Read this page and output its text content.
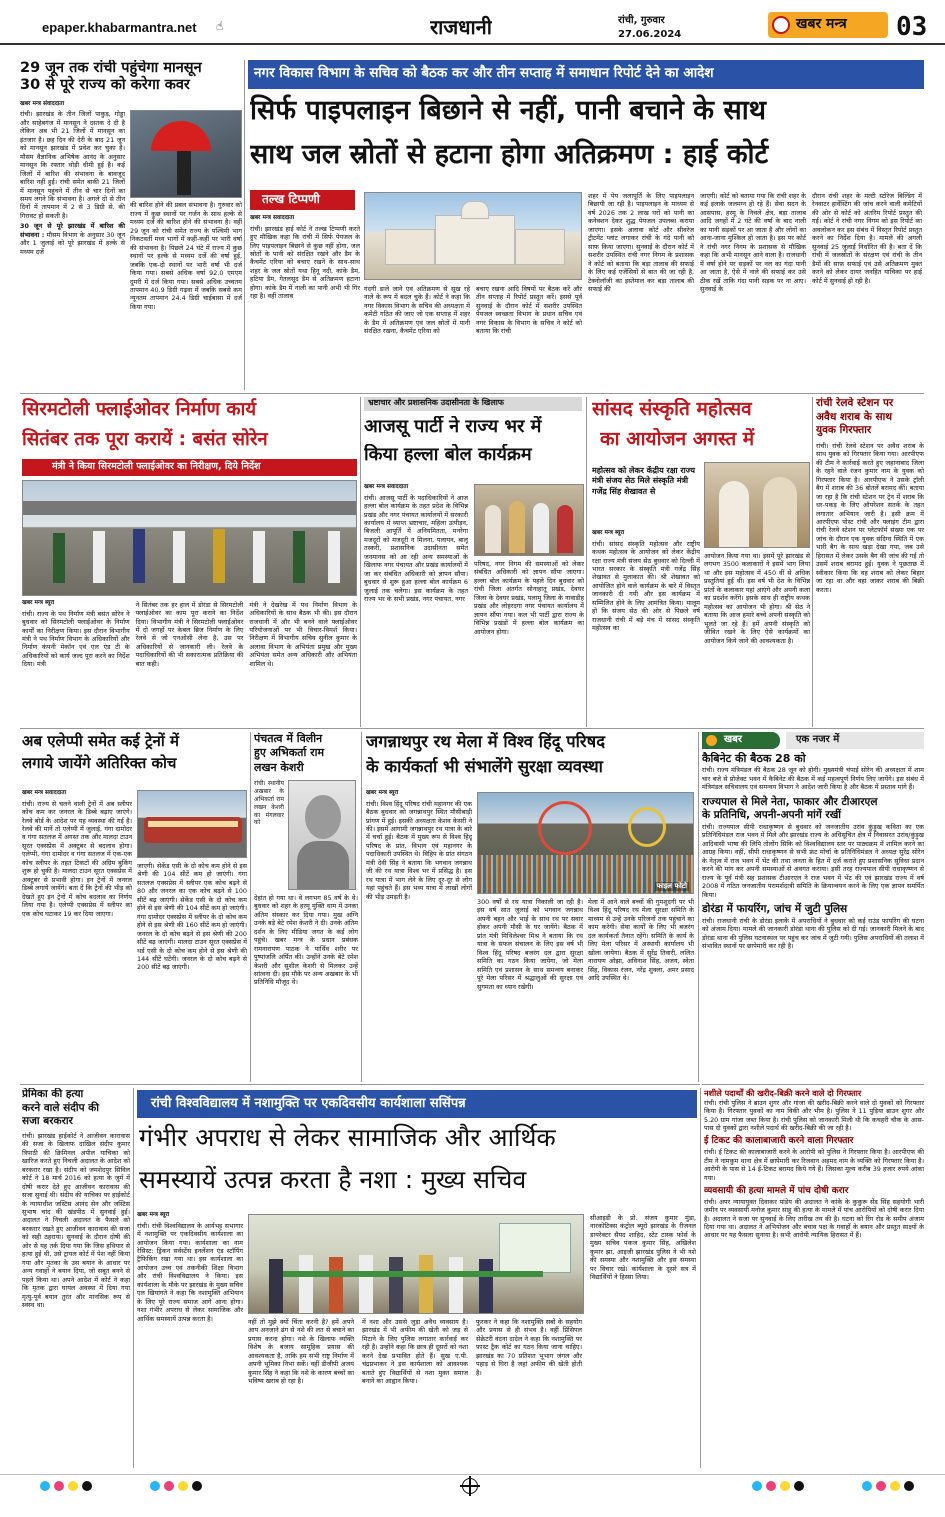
epaper.khabarmantra.net ☝	राजधानी	रांची, गुरुवार
27.06.2024
खबर मन्त्र 03
29 जून तक रांची पहुंचेगा मानसून
30 से पूरे राज्य को करेगा कवर
खबर मन्त्र संवाददाता
रांची। झारखंड के तीन जिलों पाकुड़, गोड्डा और साहेबगंज में मानसून ने दस्तक दे दी है लेकिन अब भी 21 जिलों में मानसून का इंतजार है। छह दिन की देरी के बाद 21 जून को मानसून झारखंड में प्रवेश कर चुका है। मौसम वैज्ञानिक अभिषेक आनंद के अनुसार मानसून कि रफ्तार थोड़ी धीमी हुई है। कई जिलों में बारिश की संभावना के बावजूद बारिश नहीं हुई। रांची समेत बाकी 21 जिलों में मानसून पहुंचने में तीन से चार दिनों का समय लगने कि संभावना है। अगले दो से तीन दिनों में तापमान में 2 से 3 डिग्री से. की गिरावट हो सकती है।
30 जून से पूरे झारखंड में बारिश की संभावना : मौसम विभाग के अनुसार 30 जून और 1 जुलाई को पूरे झारखंड में हल्के से मध्यम दर्जे
की बारिश होने की प्रबल संभावना है। गुरुवार को राज्य में कुछ स्थानों पर गर्जन के साथ हल्के से मध्यम दर्जे की बारिश होने की संभावना है। वहीं 29 जून को रांची समेत राज्य के पश्चिमी भाग निकटवर्ती मध्य भागों में कहीं-कहीं पर भारी वर्षा की संभावना है। पिछले 24 घंटे में राज्य में कुछ स्थानों पर हल्के से मध्यम दर्जे की वर्षा हुई, जबकि एक-दो स्थानों पर भारी वर्षा भी दर्ज किया गया। सबसे अधिक वर्षा 92.0 एमएम दुमरी में दर्ज किया गया। सबसे अधिक उच्चतम तापमान 40.9 डिग्री गढ़वा में जबकि सबसे कम न्यूनतम तापमान 24.4 डिग्री चाईबासा में दर्ज किया गया।
नगर विकास विभाग के सचिव को बैठक कर और तीन सप्ताह में समाधान रिपोर्ट देने का आदेश
सिर्फ पाइपलाइन बिछाने से नहीं, पानी बचाने के साथ
साथ जल स्रोतों से हटाना होगा अतिक्रमण : हाई कोर्ट
तल्ख टिप्पणी
खबर मन्त्र संवाददाता
रांची। झारखंड हाई कोर्ट ने तल्ख टिप्पणी करते हुए मौखिक कहा कि रांची में सिर्फ पेयजल के लिए पाइपलाइन बिछाने से कुछ नहीं होगा, जल स्रोतों के पानी को संरक्षित रखने और डैम के कैचमेंट एरिया को बचाए रखने के साथ-साथ शहर के जल स्रोतों यथा हिनू नदी, कांके डैम, हटिया डैम, गेतलसूद डैम से अतिक्रमण हटाना होगा। कांके डैम में नाली का पानी अभी भी गिर रहा है। वहीं तालाब
गंदगी डाले जाने एवं अतिक्रमण से सूख रहे नाले के रूप में बदल चुके हैं। कोर्ट ने कहा कि नगर विकास विभाग के सचिव की अध्यक्षता में कमेटी गठित की जाए जो एक सप्ताह में शहर के डैम में अतिक्रमण एवं जल स्रोतों में पानी संरक्षित रखना, कैचमेंट एरिया को
बचाए रखना आदि विषयों पर बैठक करें और तीन सप्ताह में रिपोर्ट प्रस्तुत करें। इससे पूर्व सुनवाई के दौरान कोर्ट में सशरीर उपस्थित पेयजल स्वच्छता विभाग के प्रधान सचिव एवं नगर विकास के विभाग के सचिव ने कोर्ट को बताया कि रांची
शहर में पेय जलापूर्ति के लिए पाइपलाइन बिछायी जा रही है। पाइपलाइन के माध्यम से वर्ष 2026 तक 2 लाख घरों को पानी का कनेक्शन देकर शुद्ध पेयजल उपलब्ध कराया जाएगा। इसके अलावा कोर्ट और सीवरेज ट्रीटमेंट प्लांट लगाकर रांची के गंदे पानी को साफ किया जाएगा। सुनवाई के दौरान कोर्ट में सशरीर उपस्थित रांची नगर निगम के प्रशासक ने कोर्ट को बताया कि बड़ा तालाब की सफाई के लिए कई एजेंसियों से बात की जा रही है, टेक्नोलॉजी का इस्तेमाल कर बड़ा तालाब की सफाई की
जाएगी। कोर्ट को बताया गया कि रांची शहर के कई इलाके जलमग्न हो रहे हैं। सेवा सदन के आसपास, हरमू के निचले क्षेत्र, बड़ा तालाब आदि जगहों में 2 घंटे की वर्षा के बाद नाली का पानी सड़कों पर आ जाता है और लोगों का आना-जाना मुश्किल हो जाता है। इस पर कोर्ट ने रांची नगर निगम के प्रशासक से मौखिक कहा कि अभी मानसून आने वाला है। राजधानी में वर्षा होने पर सड़कों पर नल का गंदा पानी आ जाता है, ऐसे में नाले की सफाई कर उसे ठीक रखें ताकि गंदा पानी सड़क पर ना आए। सुनवाई के
दौरान रांची शहर के मल्टी स्टोरेज बिल्डिंग में रेनवाटर हार्वेस्टिंग की जांच करने वाली कमेटियों की ओर से कोर्ट को अंतरिम रिपोर्ट प्रस्तुत की गई। कोर्ट ने रांची नगर निगम को इस रिपोर्ट का अवलोकन कर इस संबंध में विस्तृत रिपोर्ट प्रस्तुत करने का निर्देश दिया है। मामले की अगली सुनवाई 25 जुलाई निर्धारित की है। बता दें कि रांची में जलस्रोतों के संरक्षण एवं रांची के तीन डैमों की साफ़ सफाई एवं उसे अतिक्रमण मुक्त करने को लेकर दायर जनहित याचिका पर हाई कोर्ट में सुनवाई हो रही है।
सिरमटोली फ्लाईओवर निर्माण कार्य
सितंबर तक पूरा करायें : बसंत सोरेन
मंत्री ने किया सिरमटोली फ्लाईओवर का निरीक्षण, दिये निर्देश
खबर मन्त्र ब्यूरो
रांची। राज्य के पथ निर्माण मंत्री बसंत सोरेन ने बुधवार को सिरमटोली फ्लाईओवर के निर्माण कार्यों का निरीक्षण किया। इस दौरान विभागीय मंत्री ने पथ निर्माण विभाग के अधिकारियों और निर्माण कंपनी मेकॉन एवं एल एंड टी के अधिकारियों को कार्य जल्द पूरा करने का निर्देश दिया। मंत्री
ने सितंबर तक हर हाल में डोरंडा से सिरमटोली फ्लाईओवर का काम पूरा कराने का निर्देश दिया। विभागीय मंत्री ने सिरमटोली फ्लाईओवर में दो जगहों पर केबल ब्रिज निर्माण के लिए रेलवे से जो एनओसी लेना है, उस पर अधिकारियों से जानकारी ली। रेलवे के पदाधिकारियों की भी सकारात्मक प्रतिक्रिया की बात कही।
मंत्री ने देखरेख में पथ निर्माण विभाग के अधिकारियों के साथ बैठक भी की। इस दौरान राजधानी में और भी बनने वाले फ्लाईओवर परियोजनाओं पर भी विचार-विमर्श किया। निरीक्षण में विभागीय सचिव सुनील कुमार के अलावा विभाग के अभियंता प्रमुख और मुख्य अभियंता समेत अन्य अधिकारी और अभियंता शामिल थे।
भ्रष्टाचार और प्रशासनिक उदासीनता के खिलाफ
आजसू पार्टी ने राज्य भर में
किया हल्ला बोल कार्यक्रम
खबर मन्त्र संवाददाता
रांची। आजसू पार्टी के पदाधिकारियों ने आज हल्ला बोल कार्यक्रम के तहत प्रदेश के विभिन्न प्रखंड और नगर पंचायत कार्यालयों में सरकारी कार्यालय में व्याप्त भ्रष्टाचार, महिला उत्पीड़न, बिजली आपूर्ति में अनियमितता, मनरेगा मजदूरों को मजदूरी न मिलना, पलायन, बालू तस्करी, प्रशासनिक उदासीनता समेत जनमानस को आ रही अन्य समस्याओं के खिलाफ नगर पंचायत और प्रखंड कार्यालयों में जा कर संबंधित अधिकारी को ज्ञापन सौंपा। बुधवार से शुरू हुआ हल्ला बोल कार्यक्रम 6 जुलाई तक चलेगा। इस कार्यक्रम के तहत राज्य भर के सभी प्रखंड, नगर पंचायत, नगर
परिषद, नगर निगम की समस्याओं को लेकर संबंधित अधिकारी को ज्ञापन सौंपा जाएगा। हल्ला बोल कार्यक्रम के पहले दिन बुधवार को रांची जिला अंतर्गत सोनाहातू प्रखंड, देवघर जिला के देवघर प्रखंड, पलामू जिला के नावाडीह प्रखंड और लोहरदगा नगर पंचायत कार्यालय में ज्ञापन सौंपा गया। कल भी पार्टी द्वारा राज्य के विभिन्न प्रखंडों में हल्ला बोल कार्यक्रम का आयोजन होगा।
सांसद संस्कृति महोत्सव
का आयोजन अगस्त में
महोत्सव को लेकर केंद्रीय रक्षा राज्य मंत्री संजय सेठ मिले संस्कृति मंत्री गजेंद्र सिंह शेखावत से
खबर मन्त्र ब्यूरो
रांची। सांसद संस्कृति महोत्सव और राष्ट्रीय कथक महोत्सव के आयोजन को लेकर केंद्रीय रक्षा राज्य मंत्री संजय सेठ बुधवार को दिल्ली में भारत सरकार के संस्कृति मंत्री गजेंद्र सिंह शेखावत से मुलाकात की। श्री शेखावत को आयोजित होने वाले कार्यक्रम के बारे में विस्तृत जानकारी दी गयी और इस कार्यक्रम में सम्मिलित होने के लिए आमंत्रित किया। मालूम हो कि संजय सेठ की ओर से पिछले वर्ष राजधानी रांची में बड़े मंच में सांसद संस्कृति महोत्सव का
आयोजन किया गया था। इसमें पूरे झारखंड से लगभग 3500 कलाकारों ने इसमें भाग लिया था और इस महोत्सव में 450 वीं से अधिक प्रस्तुतियां हुई थी। इस वर्ष भी देश के विभिन्न प्रांतों के कलाकार यहां आएंगे और अपनी कला का प्रदर्शन करेंगे। इसके साथ ही राष्ट्रीय कथक महोत्सव का आयोजन भी होगा। श्री सेठ ने बताया कि आज हमारे बच्चे अपनी संस्कृति को भूलते जा रहे हैं। हमें अपनी संस्कृति को जीवित रखने के लिए ऐसे कार्यक्रमों का आयोजन किये जाने की आवश्यकता है।
रांची रेलवे स्टेशन पर
अवैध शराब के साथ
युवक गिरफ्तार
रांची। रांची रेलवे स्टेशन पर अवैध शराब के साथ युवक को गिरफ्तार किया गया। आरपीएफ की टीम ने कार्रवाई करते हुए जहानाबाद जिला के रहने वाले रंजन कुमार नाम के युवक को गिरफ्तार किया है। आरपीएफ ने उसके ट्रॉली बैग में शराब की 36 बोतलें बरामद कीं। बताया जा रहा है कि रांची स्टेशन पर ट्रेन में शराब कि धर-पकड़ के लिए ऑपरेशन सतर्क के तहत लगातार अभियान जारी है। इसी क्रम में आरपीएफ पोस्ट रांची और फ्लाइंग टीम द्वारा रांची रेलवे स्टेशन पर प्लेटफॉर्म संख्या एक पर जांच के दौरान एक युवक संदिग्ध स्थिति में एक भारी बैग के साथ खड़ा देखा गया, जब उसे हिरासत में लेकर उसके बैग की जांच की गई तो उसमें शराब बरामद हुई। युवक ने पूछताछ में स्वीकार किया कि वह शराब को लेकर बिहार जा रहा था और वहां जाकर शराब की बिक्री करता।
अब एलेप्पी समेत कई ट्रेनों में
लगाये जायेंगे अतिरिक्त कोच
खबर मन्त्र संवाददाता
रांची। राज्य से चलने वाली ट्रेनों में अब स्लीपर कोच कम कर जनरल के डिब्बे बढ़ाए जाएंगे। रेलवे बोर्ड के आदेश पर यह व्यवस्था की गई है। रेलवे की मानें तो एलेप्पी में जुलाई, गंगा दामोदर व गंगा सतलज में अगस्त तक और मालदा टाउन सूरत एक्सप्रेस में अक्टूबर से बदलाव होगा। एलेप्पी, गंगा दामोदर व गंगा सतलज में एक-एक कोच स्लीपर के तहत टिकटों की अग्रिम बुकिंग शुरू हो चुकी है। मालदा टाउन सूरत एक्सप्रेस में अक्टूबर से प्रभावी होगा। इन ट्रेनों में जनरल डिब्बे लगाये जायेंगे। बता दें कि ट्रेनों की भीड़ को देखते हुए इन ट्रेनों में कोच बदलाव का निर्णय लिया गया है। एलेप्पी एक्सप्रेस में स्लीपर का एक कोच घटाकर 19 कर दिया जाएगा।
जाएगी। सेकेंड एसी के दो कोच कम होने से इस श्रेणी की 104 सीटें कम हो जाएंगी। गंगा सतलज एक्सप्रेस में स्लीपर एक कोच बढ़ने से 80 और जनरल का एक कोच बढ़ने से 100 सीटें बढ़ जाएंगी। सेकेंड एसी के दो कोच कम होने से इस श्रेणी की 104 सीटें कम हो जाएंगी। गंगा दामोदर एक्सप्रेस में स्लीपर के दो कोच कम होने से इस श्रेणी की 160 सीटें कम हो जाएंगी। जनरल के दो कोच बढ़ने से इस श्रेणी की 200 सीटें बढ़ जाएंगी। मालदा टाउन सूरत एक्सप्रेस में थर्ड एसी के दो कोच कम होने से इस श्रेणी की 144 सीटें घटेंगी। जनरल के दो कोच बढ़ने से 200 सीटें बढ़ जाएंगी।
पंचतत्व में विलीन
हुए अभिकर्ता राम
लखन केशरी
रांची। स्थानीय अखबार के अभिकर्ता राम लखन केशरी का मंगलवार को
देहांत हो गया था। वे लगभग 85 वर्ष के थे। बुधवार को शहर के हरमू मुक्ति धाम में उनका अंतिम संस्कार कर दिया गया। मुख अग्नि उनके बड़े बेटे रमेश केशरी ने दी। उनके अंतिम दर्शन के लिए मीडिया जगत के कई लोग पहुंचे। खबर मन्त्र के प्रधान प्रबंधक रामनारायण पाठक ने पार्थिव शरीर पर पुष्पांजलि अर्पित की। उन्होंने उनके बेटे रमेश केशरी और सुशील केशरी से मिलकर उन्हें सांत्वना दी। इस मौके पर अन्य अखबार के भी प्रतिनिधि मौजूद थे।
जगन्नाथपुर रथ मेला में विश्व हिंदू परिषद
के कार्यकर्ता भी संभालेंगे सुरक्षा व्यवस्था
खबर मन्त्र ब्यूरो
रांची। विश्व हिंदू परिषद रांची महानगर की एक बैठक बुधवार को जगन्नाथपुर स्थित मौसीबाड़ी प्रांगण में हुई। इसकी अध्यक्षता केशव केसरी ने की। इसमें आगामी जगन्नाथपुर रथ यात्रा के बारे में चर्चा हुई। बैठक में मुख्य रूप से विश्व हिंदू परिषद के प्रांत, विभाग एवं महानगर के पदाधिकारी उपस्थित थे। विहिप के प्रांत संगठन मंत्री देवी सिंह ने बताया कि भगवान जगन्नाथ जी की रथ यात्रा विश्व भर में प्रसिद्ध है। इस रथ यात्रा में भाग लेने के लिए दूर-दूर से लोग यहां पहुंचते हैं। इस भव्य यात्रा में लाखों लोगों की भीड़ उमड़ती है।
फाइल फोटो
300 वर्षों से रथ यात्रा निकाली जा रही है। इस वर्ष सात जुलाई को भगवान जगन्नाथ अपनी बहन और भाई के साथ रथ पर सवार होकर अपनी मौसी के घर जायेंगे। बैठक में प्रांत मंत्री मिथिलेश्वर मिश्र ने बताया कि रथ यात्रा के सफल संचालन के लिए इस वर्ष भी विश्व हिंदू परिषद बजरंग दल द्वारा सुरक्षा समिति का गठन किया जायेगा, जो मेला समिति एवं प्रशासन के साथ समन्वय बनाकर पूरे मेला परिसर में श्रद्धालुओं की सुरक्षा एवं सुगमता का ध्यान रखेगी।
मेला में आने वाले बच्चों की गुमशुदगी पर भी विश्व हिंदू परिषद रथ मेला सुरक्षा समिति के माध्यम से उन्हें उनके परिजनों तक पहुंचाने का काम करेगी। सेवा कार्यों के लिए भी बजरंग दल कार्यकर्ता तैनात रहेंगे। समिति के कार्य के लिए मेला परिसर में अस्थायी कार्यालय भी खोला जायेगा। बैठक में सुरेंद्र तिवारी, ललित नारायण ओझा, अविनाश सिंह, अजय, स्वेता सिंह, विकास रंजन, नरेंद्र शुक्ला, अमर प्रसाद आदि उपस्थित थे।
खबर	एक नजर में
कैबिनेट की बैठक 28 को
रांची। राज्य मंत्रिमंडल की बैठक 28 जून को होगी। मुख्यमंत्री चंपाई सोरेन की अध्यक्षता में शाम चार बजे से प्रोजेक्ट भवन में कैबिनेट की बैठक में कई महत्वपूर्ण निर्णय लिए जायेंगे। इस संबंध में मंत्रिमंडल सचिवालय एवं समन्वय विभाग ने आदेश जारी किया है और बैठक में प्रस्ताव मांगे हैं।
राज्यपाल से मिले नेता, फाकार और टीआरएल
के प्रतिनिधि, अपनी-अपनी मांगें रखीं
रांची। राज्यपाल सीपी राधाकृष्णन से बुधवार को जनजातीय उरांव कुंड़ुख कविता का एक प्रतिनिधिमंडल राज भवन में मिले और झारखंड राज्य के अधिसूचित क्षेत्र में निवासरत उरांव/कुंड़ुख आदिवासी भाषा की लिपि तोलोंग सिकि को विश्वविद्यालय स्तर पर पाठ्यक्रम में शामिल करने का आग्रह किया। वहीं, सीपी राधाकृष्णन से सभी फ्रंट मोर्चा के प्रतिनिधिमंडल ने अध्यक्ष सुरेंद्र सोरेन के नेतृत्व में राज भवन में भेंट की तथा जनता के हित में दर्ज कराते हुए प्रशासनिक सुविधा प्रदान करने की मांग कर अपनी समस्याओं से अवगत कराया। इसी तरह राज्यपाल सीपी राधाकृष्णन से राज्य के पूर्व मंत्री सह प्रशासक टीआरएल ने राज भवन में भेंट की एवं झारखंड राज्य में वर्ष 2008 में गठित जनजातीय परामर्शदात्री समिति के क्रियान्वयन करने के लिए एक ज्ञापन समर्पित किया।
डोरंडा में फायरिंग, जांच में जुटी पुलिस
रांची। राजधानी रांची के डोरंडा इलाके में अपराधियों ने बुधवार को कई राउंड फायरिंग की घटना को अंजाम दिया। मामले की जानकारी डोरंडा थाना की पुलिस को दी गई। जानकारी मिलने के बाद डोरंडा थाना की पुलिस घटनास्थल पर पहुंच कर जांच में जुटी गयी। पुलिस अपराधियों की तलाश में संभावित स्थानों पर छापेमारी कर रही है।
प्रेमिका की हत्या
करने वाले संदीप की
सजा बरकरार
रांची। झारखंड हाईकोर्ट ने आजीवन कारावास की सजा के खिलाफ दाखिल संदीप कुमार त्रिपाठी की क्रिमिनल अपील याचिका को खारिज करते हुए निचली अदालत के आदेश को बरकरार रखा है। संदीप को जमशेदपुर सिविल कोर्ट ने 18 मार्च 2016 को हत्या के जुर्म में दोषी करार देते हुए आजीवन कारावास की सजा सुनाई थी। संदीप की याचिका पर हाईकोर्ट के न्यायाधीश जस्टिस आनंद सेन और जस्टिस सुभाष चांद की खंडपीठ में सुनवाई हुई। अदालत ने निचली अदालत के फैसले को बरकरार रखते हुए आजीवन कारावास की सजा को सही ठहराया। सुनवाई के दौरान दोषी की ओर से यह तर्क दिया गया कि जिस हथियार से हत्या हुई थी, उसे ट्रायल कोर्ट में पेश नहीं किया गया और मृतका के उस बयान के आधार पर अन्य गवाहों ने बयान दिया, जो सबूत बनने से पहले किया था। अपने आदेश में कोर्ट ने कहा कि मृतक द्वारा घायल अवस्था में दिया गया मृत्यु-पूर्व बयान तुरंत और मानसिक रूप से स्वस्थ था।
रांची विश्वविद्यालय में नशामुक्ति पर एकदिवसीय कार्यशाला ससिंपन्न
गंभीर अपराध से लेकर सामाजिक और आर्थिक
समस्यायें उत्पन्न करता है नशा : मुख्य सचिव
खबर मन्त्र ब्यूरो
रांची। रांची विश्वविद्यालय के आर्यभट्ट सभागार में नशामुक्ति पर एकदिवसीय कार्यशाला का आयोजन किया गया। कार्यशाला का नाम रेसिस्ट: ड्रिंकन सर्वस्टेंस इनलेंशन एंड स्टॉपिंग ट्रैफिकिंग रखा गया था। इस कार्यशाला का आयोजन उच्च एवं तकनीकी शिक्षा विभाग और रांची विश्वविद्यालय ने किया। इस कार्यशाला के मौके पर झारखंड के मुख्य सचिव एल खियांगते ने कहा कि नशामुक्ति अभियान के लिए पूरे राज्य समाज आगे आना होगा। नशा गंभीर अपराध से लेकर सामाजिक और आर्थिक समस्यायें उत्पन्न करता है।	नहीं तो मुझे क्यों चिंता करनी है? हमें अपने आप अनजाने ढंग से नशे की लत से बचाने का प्रयास करना होगा। नशे के खिलाफ व्यक्ति विशेष के बजाय सामूहिक प्रयास की आवश्यकता है, ताकि हम सभी राष्ट्र निर्माण में अपनी भूमिका निभा सकें। वहीं डीजीपी अजय कुमार सिंह ने कहा कि नशे के कारण बच्चों का भविष्य खराब हो रहा है।
में नशा और उससे जुड़ा अवैध व्यवसाय है। झारखंड में भी अफीम की खेती को जड़ से मिटाने के लिए पुलिस लगातार कार्रवाई कर रही है। उन्होंने कहा कि छात्र ही दूसरों को नशा करने देख प्रभावित होते हैं। सुख ए.पी. चंद्रप्रभाकर ने इस कार्यशाला को आवश्यक बताते हुए विद्यार्थियों से नशा मुक्त समाज बनाने का आह्वान किया।
फुरकर ने कहा कि नशामुक्ति सबों के सहयोग और प्रयास से ही संभव है। वहीं प्रिंसिपल सेक्रेटरी वंदना दादेल ने कहा कि नशामुक्ति पर फ़ास्ट ट्रैक कोर्ट का गठन किया जाना चाहिए। झारखंड का 70 प्रतिशत भूभाग जंगल और पहाड़ से घिरा है जहां अफीम की खेती होती है।
सीआइडी के प्रो. संजय कुमार मुंडा, नारकोटिक्स कंट्रोल ब्यूरो झारखंड के रीजनल डायरेक्टर सैयद शाहिद, स्टेट टास्क फोर्स के मुख्य सचिव पंकज कुमार सिंह, अखिलेश कुमार झा, आइजी झारखंड पुलिस ने भी नशे की समस्या और नशामुक्ति और इस समस्या पर विचार रखे। कार्यशाला के दूसरे सत्र में विद्यार्थियों ने हिस्सा लिया।
नशीले पदार्थों की खरीद-बिक्री करने वाले दो गिरफ्तार
रांची। रांची पुलिस ने ब्राउन शुगर और गांजा की खरीद-बिक्री करने वाले दो युवकों को गिरफ्तार किया है। गिरफ्तार युवकों का नाम विकी और भीम है। पुलिस ने 11 पुड़िया ब्राउन शुगर और 5.20 ग्राम गांजा जब्त किया है। रांची पुलिस को जानकारी मिली थी कि कचहरी चौक के आस-पास दो युवकों द्वारा नशीले पदार्थ की खरीद-बिक्री की जा रही है।
ई टिकट की कालाबाजारी करने वाला गिरफ्तार
रांची। ई टिकट की कालाबाजारी करने के आरोपी को पुलिस ने गिरफ्तार किया है। आरपीएफ की टीम ने नामकुम थाना क्षेत्र में छापेमारी कर रिजवान अहमद नाम के व्यक्ति को गिरफ्तार किया है। आरोपी के पास से 14 ई-टिकट बरामद किये गये हैं। जिसका मूल्य करीब 39 हजार रुपये आंका गया।
व्यवसायी की हत्या मामले में पांच दोषी करार
रांची। अपर न्यायायुक्त दिवाकर पांडेय की अदालत ने कांके के कुकुरू सेंड सिंह सहयोगी भारी जमीन पर व्यवसायी मनोज कुमार साहू की हत्या के मामले में पांच आरोपियों को दोषी करार दिया है। अदालत ने सजा पर सुनवाई के लिए तारीख तय की है। घटना को रिंग रोड के समीप अंजाम दिया गया था। अदालत ने अभियोजन और बचाव पक्ष के गवाहों के बयान और प्रस्तुत साक्ष्यों के आधार पर यह फैसला सुनाया है। सभी आरोपी न्यायिक हिरासत में हैं।
